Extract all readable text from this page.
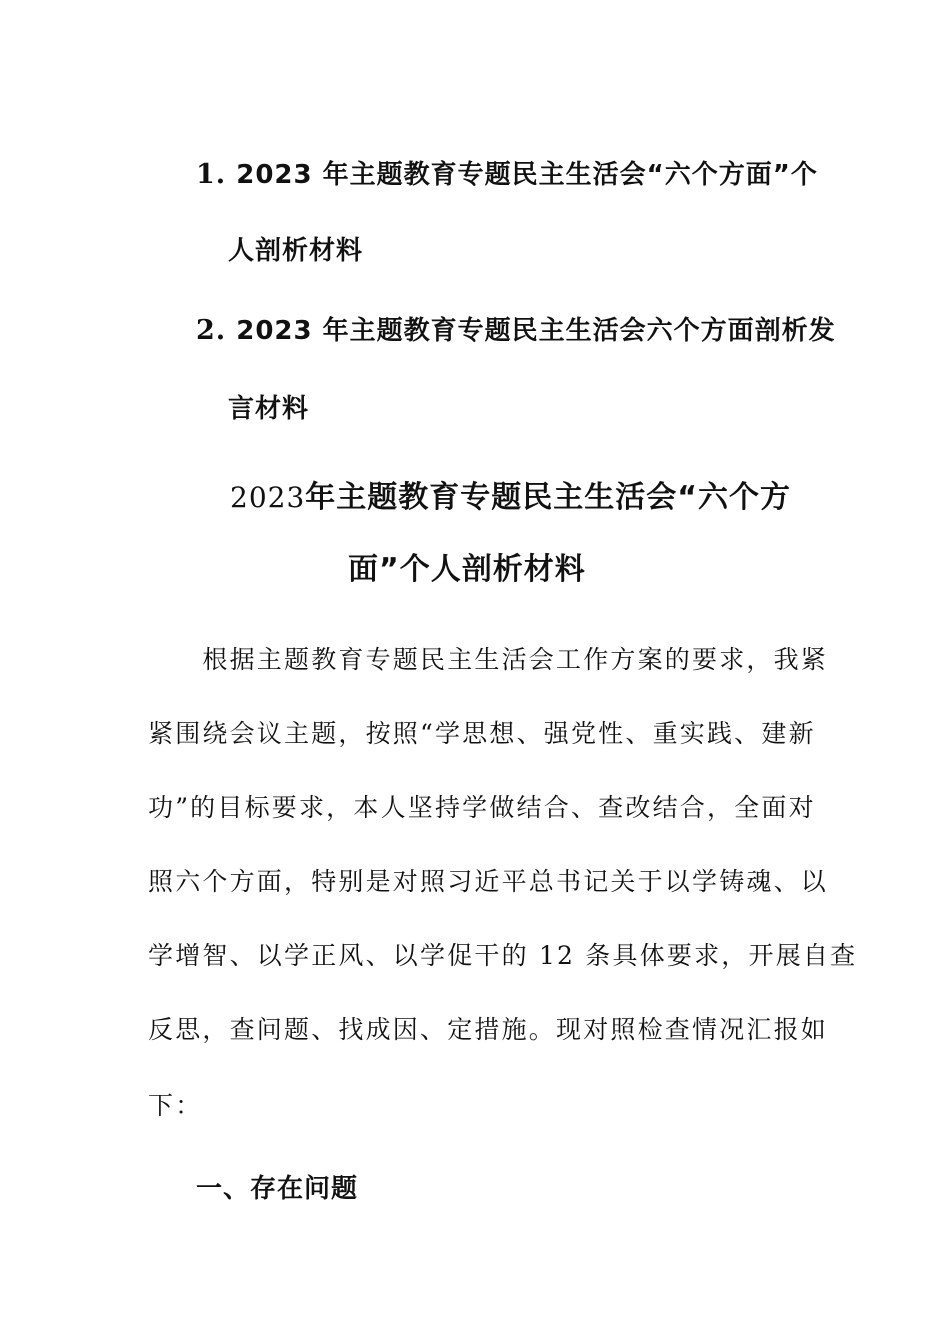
1. 2023 年主题教育专题民主生活会“六个方面”个
人剖析材料
2. 2023 年主题教育专题民主生活会六个方面剖析发
言材料
2023年主题教育专题民主生活会“六个方
面”个人剖析材料
　　根据主题教育专题民主生活会工作方案的要求，我紧
紧围绕会议主题，按照“学思想、强党性、重实践、建新
功”的目标要求，本人坚持学做结合、查改结合，全面对
照六个方面，特别是对照习近平总书记关于以学铸魂、以
学增智、以学正风、以学促干的 12 条具体要求，开展自查
反思，查问题、找成因、定措施。现对照检查情况汇报如
下：
一、存在问题
